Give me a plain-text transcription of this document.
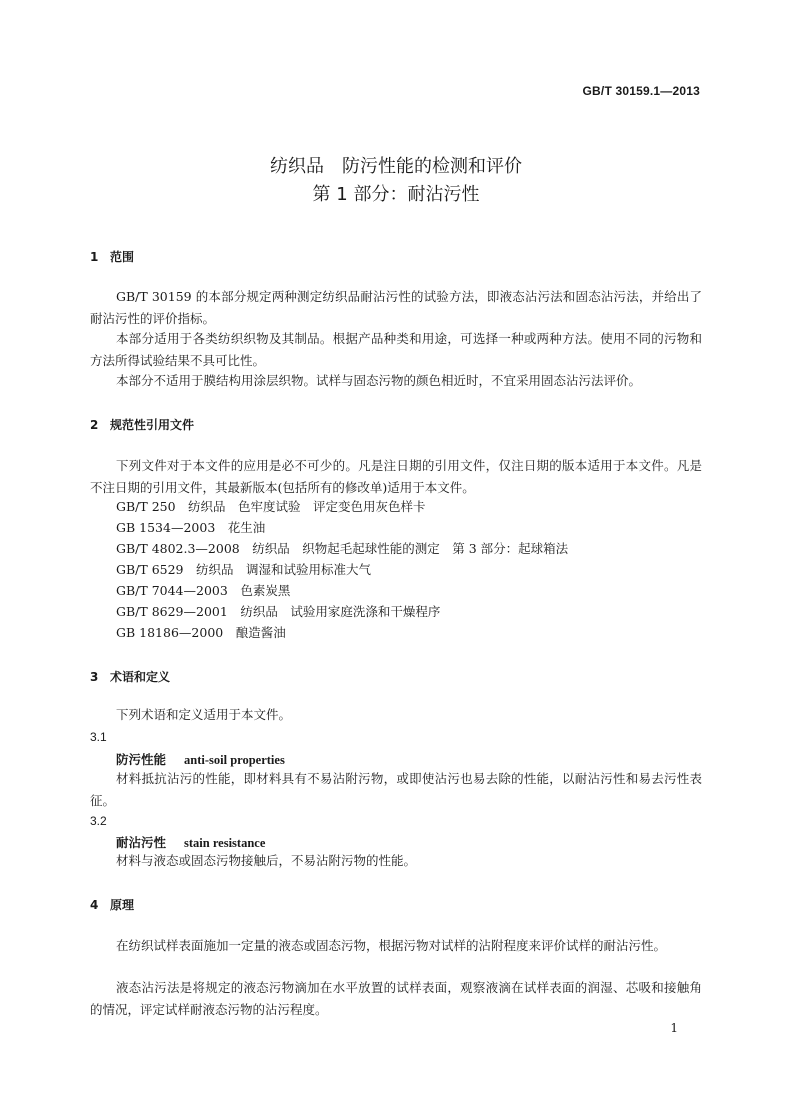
GB/T 30159.1—2013
纺织品　防污性能的检测和评价
第 1 部分：耐沾污性
1 范围

GB/T 30159 的本部分规定两种测定纺织品耐沾污性的试验方法，即液态沾污法和固态沾污法，并给出了耐沾污性的评价指标。

本部分适用于各类纺织织物及其制品。根据产品种类和用途，可选择一种或两种方法。使用不同的污物和方法所得试验结果不具可比性。

本部分不适用于膜结构用涂层织物。试样与固态污物的颜色相近时，不宜采用固态沾污法评价。

2 规范性引用文件

下列文件对于本文件的应用是必不可少的。凡是注日期的引用文件，仅注日期的版本适用于本文件。凡是不注日期的引用文件，其最新版本(包括所有的修改单)适用于本文件。

GB/T 250　纺织品　色牢度试验　评定变色用灰色样卡
GB 1534—2003　花生油
GB/T 4802.3—2008　纺织品　织物起毛起球性能的测定　第 3 部分：起球箱法
GB/T 6529　纺织品　调湿和试验用标准大气
GB/T 7044—2003　色素炭黑
GB/T 8629—2001　纺织品　试验用家庭洗涤和干燥程序
GB 18186—2000　酿造酱油
3 术语和定义
下列术语和定义适用于本文件。
3.1
防污性能 anti-soil properties

材料抵抗沾污的性能，即材料具有不易沾附污物，或即使沾污也易去除的性能，以耐沾污性和易去污性表征。

3.2
耐沾污性 stain resistance

材料与液态或固态污物接触后，不易沾附污物的性能。

4 原理

在纺织试样表面施加一定量的液态或固态污物，根据污物对试样的沾附程度来评价试样的耐沾污性。

液态沾污法是将规定的液态污物滴加在水平放置的试样表面，观察液滴在试样表面的润湿、芯吸和接触角的情况，评定试样耐液态污物的沾污程度。

1
